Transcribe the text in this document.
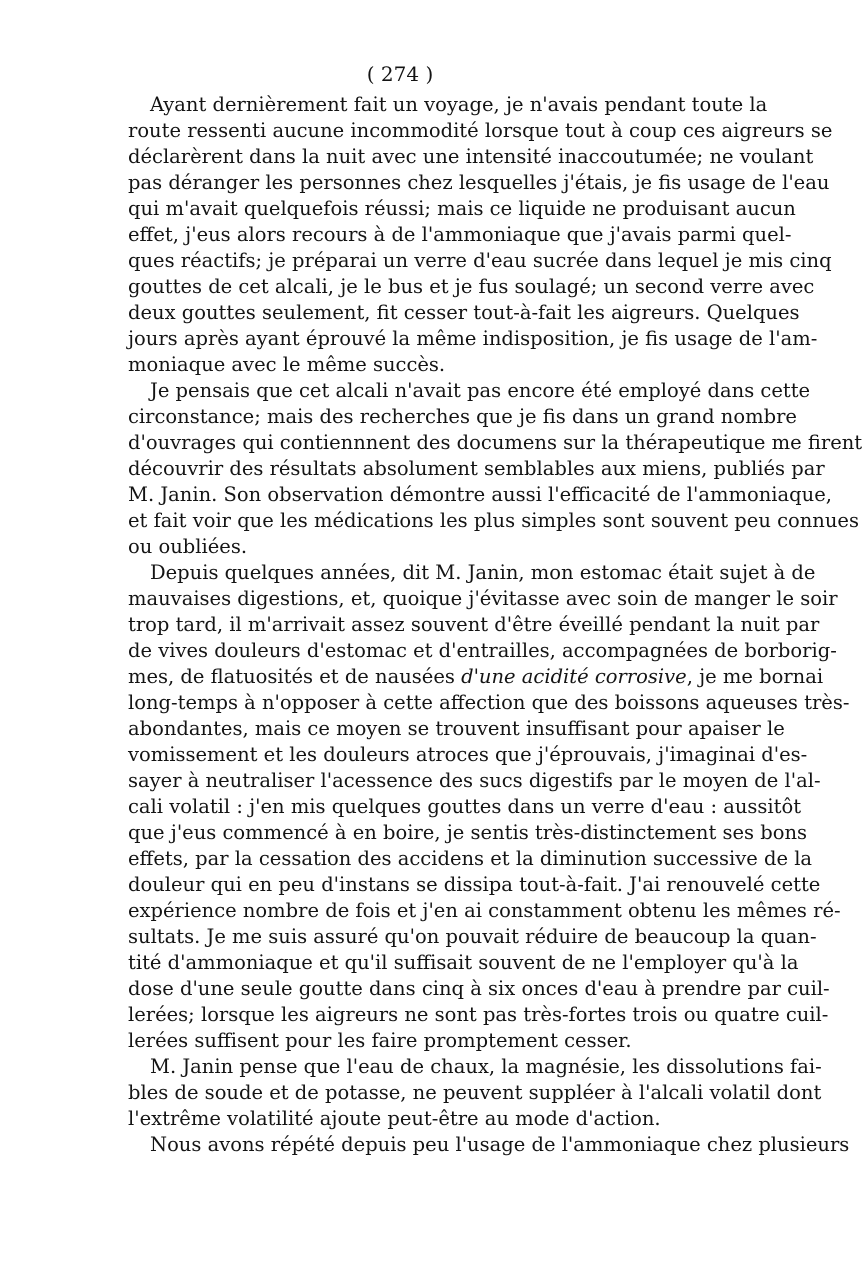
( 274 )
Ayant dernièrement fait un voyage, je n'avais pendant toute la
route ressenti aucune incommodité lorsque tout à coup ces aigreurs se
déclarèrent dans la nuit avec une intensité inaccoutumée; ne voulant
pas déranger les personnes chez lesquelles j'étais, je fis usage de l'eau
qui m'avait quelquefois réussi; mais ce liquide ne produisant aucun
effet, j'eus alors recours à de l'ammoniaque que j'avais parmi quel-
ques réactifs; je préparai un verre d'eau sucrée dans lequel je mis cinq
gouttes de cet alcali, je le bus et je fus soulagé; un second verre avec
deux gouttes seulement, fit cesser tout-à-fait les aigreurs. Quelques
jours après ayant éprouvé la même indisposition, je fis usage de l'am-
moniaque avec le même succès.
Je pensais que cet alcali n'avait pas encore été employé dans cette
circonstance; mais des recherches que je fis dans un grand nombre
d'ouvrages qui contiennnent des documens sur la thérapeutique me firent
découvrir des résultats absolument semblables aux miens, publiés par
M. Janin. Son observation démontre aussi l'efficacité de l'ammoniaque,
et fait voir que les médications les plus simples sont souvent peu connues
ou oubliées.
Depuis quelques années, dit M. Janin, mon estomac était sujet à de
mauvaises digestions, et, quoique j'évitasse avec soin de manger le soir
trop tard, il m'arrivait assez souvent d'être éveillé pendant la nuit par
de vives douleurs d'estomac et d'entrailles, accompagnées de borborig-
mes, de flatuosités et de nausées d'une acidité corrosive, je me bornai
long-temps à n'opposer à cette affection que des boissons aqueuses très-
abondantes, mais ce moyen se trouvent insuffisant pour apaiser le
vomissement et les douleurs atroces que j'éprouvais, j'imaginai d'es-
sayer à neutraliser l'acessence des sucs digestifs par le moyen de l'al-
cali volatil : j'en mis quelques gouttes dans un verre d'eau : aussitôt
que j'eus commencé à en boire, je sentis très-distinctement ses bons
effets, par la cessation des accidens et la diminution successive de la
douleur qui en peu d'instans se dissipa tout-à-fait. J'ai renouvelé cette
expérience nombre de fois et j'en ai constamment obtenu les mêmes ré-
sultats. Je me suis assuré qu'on pouvait réduire de beaucoup la quan-
tité d'ammoniaque et qu'il suffisait souvent de ne l'employer qu'à la
dose d'une seule goutte dans cinq à six onces d'eau à prendre par cuil-
lerées; lorsque les aigreurs ne sont pas très-fortes trois ou quatre cuil-
lerées suffisent pour les faire promptement cesser.
M. Janin pense que l'eau de chaux, la magnésie, les dissolutions fai-
bles de soude et de potasse, ne peuvent suppléer à l'alcali volatil dont
l'extrême volatilité ajoute peut-être au mode d'action.
Nous avons répété depuis peu l'usage de l'ammoniaque chez plusieurs
